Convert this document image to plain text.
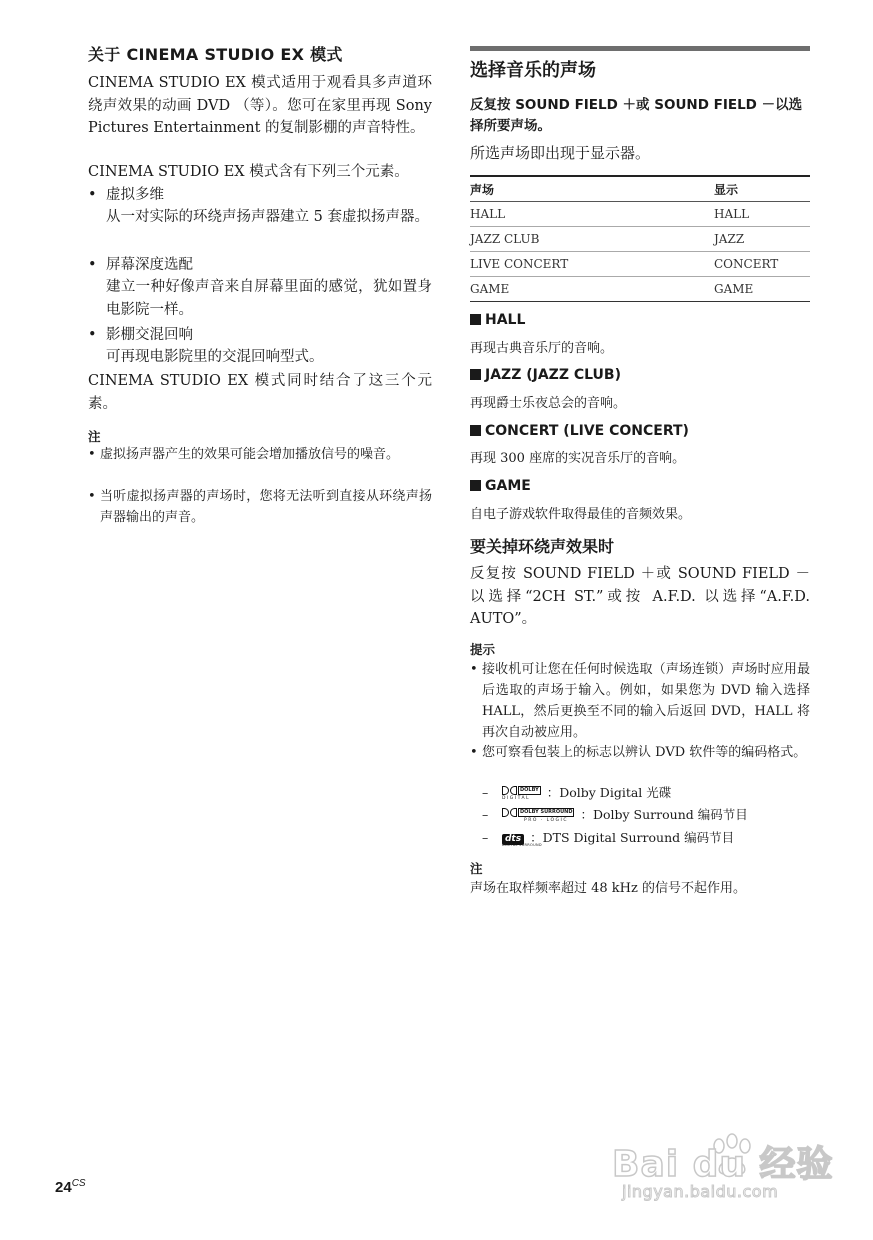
关于 CINEMA STUDIO EX 模式
CINEMA STUDIO EX 模式适用于观看具多声道环绕声效果的动画 DVD （等）。您可在家里再现 Sony Pictures Entertainment 的复制影棚的声音特性。
CINEMA STUDIO EX 模式含有下列三个元素。
• 虚拟多维
从一对实际的环绕声扬声器建立 5 套虚拟扬声器。
• 屏幕深度选配
建立一种好像声音来自屏幕里面的感觉，犹如置身电影院一样。
• 影棚交混回响
可再现电影院里的交混回响型式。
CINEMA STUDIO EX 模式同时结合了这三个元素。
注
• 虚拟扬声器产生的效果可能会增加播放信号的噪音。
• 当听虚拟扬声器的声场时，您将无法听到直接从环绕声扬声器输出的声音。
选择音乐的声场
反复按 SOUND FIELD ＋或 SOUND FIELD －以选择所要声场。
所选声场即出现于显示器。
声场	显示
HALL	HALL
JAZZ CLUB	JAZZ
LIVE CONCERT	CONCERT
GAME	GAME
HALL
再现古典音乐厅的音响。
JAZZ (JAZZ CLUB)
再现爵士乐夜总会的音响。
CONCERT (LIVE CONCERT)
再现 300 座席的实况音乐厅的音响。
GAME
自电子游戏软件取得最佳的音频效果。
要关掉环绕声效果时
反复按 SOUND FIELD ＋或 SOUND FIELD － 以选择“2CH ST.”或按 A.F.D. 以选择“A.F.D. AUTO”。
提示
• 接收机可让您在任何时候选取（声场连锁）声场时应用最后选取的声场于输入。例如，如果您为 DVD 输入选择 HALL，然后更换至不同的输入后返回 DVD，HALL 将再次自动被应用。
• 您可察看包装上的标志以辨认 DVD 软件等的编码格式。
–	DOLBY
DIGITAL ：Dolby Digital 光碟
–	DOLBY SURROUND
PRO · LOGIC ：Dolby Surround 编码节目
– dts
DIGITAL SURROUND
：DTS Digital Surround 编码节目
注
声场在取样频率超过 48 kHz 的信号不起作用。
$24^{CS}$	Bai du 经验
jingyan.baidu.com
